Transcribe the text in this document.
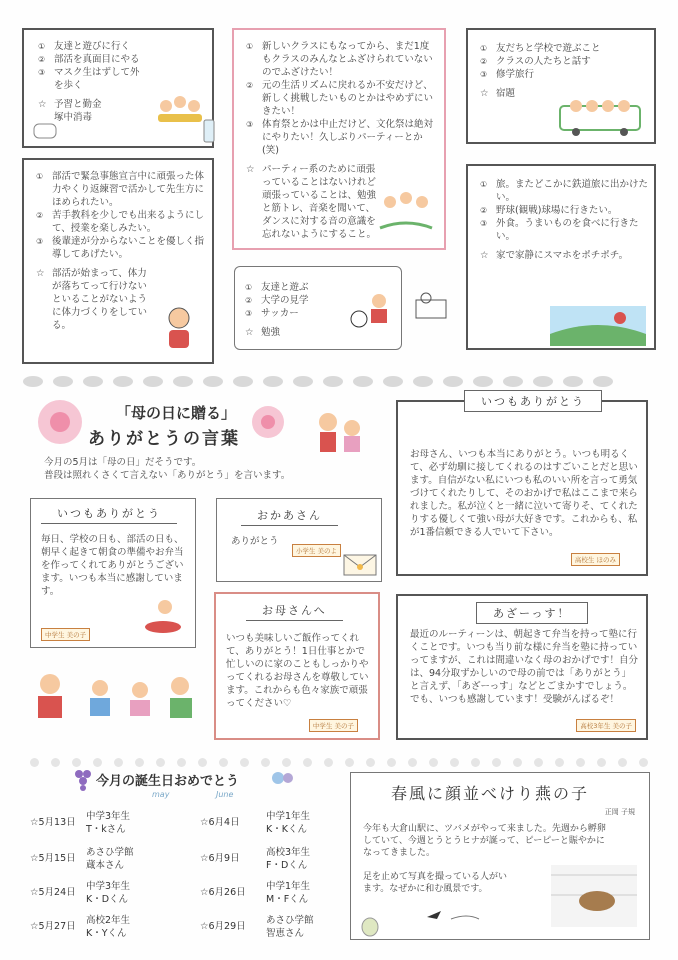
① 友達と遊びに行く
② 部活を真面目にやる
③ マスク生はずして外を歩く
☆ 予習と勤金
塚中消毒
① 部活で緊急事態宣言中に頑張った体力やくり返練習で活かして先生方にほめられたい。
② 苦手教科を少しでも出来るようにして、授業を楽しみたい。
③ 後輩達が分からないことを優しく指導してあげたい。
☆ 部活が始まって、体力が落ちてって行けないといることがないように体力づくりをしている。
① 新しいクラスにもなってから、まだ1度もクラスのみんなとふざけられていないのでふざけたい！
② 元の生活リズムに戻れるか不安だけど、新しく挑戦したいものとかはやめずにいきたい！
③ 体育祭とかは中止だけど、文化祭は絶対にやりたい！久しぶりパーティーとか(笑)
☆ パーティー系のために頑張っていることはないけれど頑張っていることは、勉強と筋トレ、音楽を聞いて、ダンスに対する音の意識を忘れないようにすること。
① 友達と遊ぶ
② 大学の見学
③ サッカー
☆ 勉強
① 友だちと学校で遊ぶこと
② クラスの人たちと話す
③ 修学旅行
☆ 宿題
① 旅。またどこかに鉄道旅に出かけたい。
② 野球(観戦)球場に行きたい。
③ 外食。うまいものを食べに行きたい。
☆ 家で家静にスマホをポチポチ。
「母の日に贈る」
ありがとうの言葉
今月の5月は「母の日」だそうです。
普段は照れくさくて言えない「ありがとう」を言います。
いつもありがとう
お母さん、いつも本当にありがとう。いつも明るくて、必ず幼馴に接してくれるのはすごいことだと思います。自信がない私にいつも私のいい所を言って勇気づけてくれたりして、そのおかげで私はここまで来られました。私が泣くと一緒に泣いて寄りそ、てくれたりする優しくて強い母が大好きです。これからも、私が1番信頼できる人でいて下さい。
高校生 ほのみ
いつもありがとう
毎日、学校の日も、部活の日も、朝早く起きて朝食の準備やお弁当を作ってくれてありがとうございます。いつも本当に感謝しています。
中学生 美の子
おかあさん
ありがとう
小学生 美のよ
お母さんへ
いつも美味しいご飯作ってくれて、ありがとう！1日仕事とかで忙しいのに家のこともしっかりやってくれるお母さんを尊敬しています。これからも色々家族で頑張ってください♡
中学生 美の子
あざーっす！
最近のルーティーンは、朝起きて弁当を持って塾に行くことです。いつも当り前な様に弁当を塾に持っていってますが、これは間違いなく母のおかげです！自分は、94分取ずかしいので母の前では「ありがとう」と言えず、「あざーっす」などとごまかすでしょう。でも、いつも感謝しています！受験がんばるぞ！
高校3年生 美の子
今月の誕生日おめでとう
may	June
☆5月13日
中学3年生
T・kさん
☆5月15日
あさひ学館
蔵本さん
☆5月24日
中学3年生
K・Dくん
☆5月27日
高校2年生
K・Yくん
☆6月4日
中学1年生
K・Kくん
☆6月9日
高校3年生
F・Dくん
☆6月26日
中学1年生
M・Fくん
☆6月29日
あさひ学館
智恵さん
春風に顔並べけり燕の子
正岡 子規
今年も大倉山駅に、ツバメがやって来ました。先週から孵卵していて、今週とうとうヒナが誕って、ピーピーと賑やかになってきました。
足を止めて写真を撮っている人がいます。なぜかに和む風景です。
